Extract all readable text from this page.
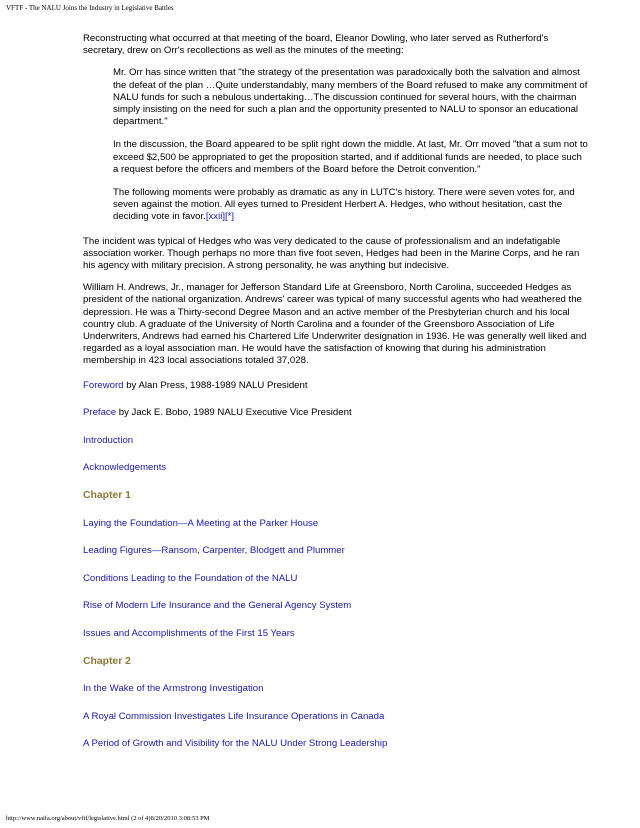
VFTF - The NALU Joins the Industry in Legislative Battles

Reconstructing what occurred at that meeting of the board, Eleanor Dowling, who later served as Rutherford's secretary, drew on Orr's recollections as well as the minutes of the meeting:

Mr. Orr has since written that "the strategy of the presentation was paradoxically both the salvation and almost the defeat of the plan …Quite understandably, many members of the Board refused to make any commitment of NALU funds for such a nebulous undertaking…The discussion continued for several hours, with the chairman simply insisting on the need for such a plan and the opportunity presented to NALU to sponsor an educational department."

In the discussion, the Board appeared to be split right down the middle. At last, Mr. Orr moved "that a sum not to exceed $2,500 be appropriated to get the proposition started, and if additional funds are needed, to place such a request before the officers and members of the Board before the Detroit convention."

The following moments were probably as dramatic as any in LUTC's history. There were seven votes for, and seven against the motion. All eyes turned to President Herbert A. Hedges, who without hesitation, cast the deciding vote in favor.[xxii][*]

The incident was typical of Hedges who was very dedicated to the cause of professionalism and an indefatigable association worker. Though perhaps no more than five foot seven, Hedges had been in the Marine Corps, and he ran his agency with military precision. A strong personality, he was anything but indecisive.

William H. Andrews, Jr., manager for Jefferson Standard Life at Greensboro, North Carolina, succeeded Hedges as president of the national organization. Andrews' career was typical of many successful agents who had weathered the depression. He was a Thirty-second Degree Mason and an active member of the Presbyterian church and his local country club. A graduate of the University of North Carolina and a founder of the Greensboro Association of Life Underwriters, Andrews had earned his Chartered Life Underwriter designation in 1936. He was generally well liked and regarded as a loyal association man. He would have the satisfaction of knowing that during his administration membership in 423 local associations totaled 37,028.

Foreword by Alan Press, 1988-1989 NALU President
Preface by Jack E. Bobo, 1989 NALU Executive Vice President
Introduction
Acknowledgements
Chapter 1
Laying the Foundation—A Meeting at the Parker House
Leading Figures—Ransom, Carpenter, Blodgett and Plummer
Conditions Leading to the Foundation of the NALU
Rise of Modern Life Insurance and the General Agency System
Issues and Accomplishments of the First 15 Years
Chapter 2
In the Wake of the Armstrong Investigation
A Royal Commission Investigates Life Insurance Operations in Canada
A Period of Growth and Visibility for the NALU Under Strong Leadership
http://www.naifa.org/about/vftf/legislative.html (2 of 4)8/20/2010 3:08:53 PM
